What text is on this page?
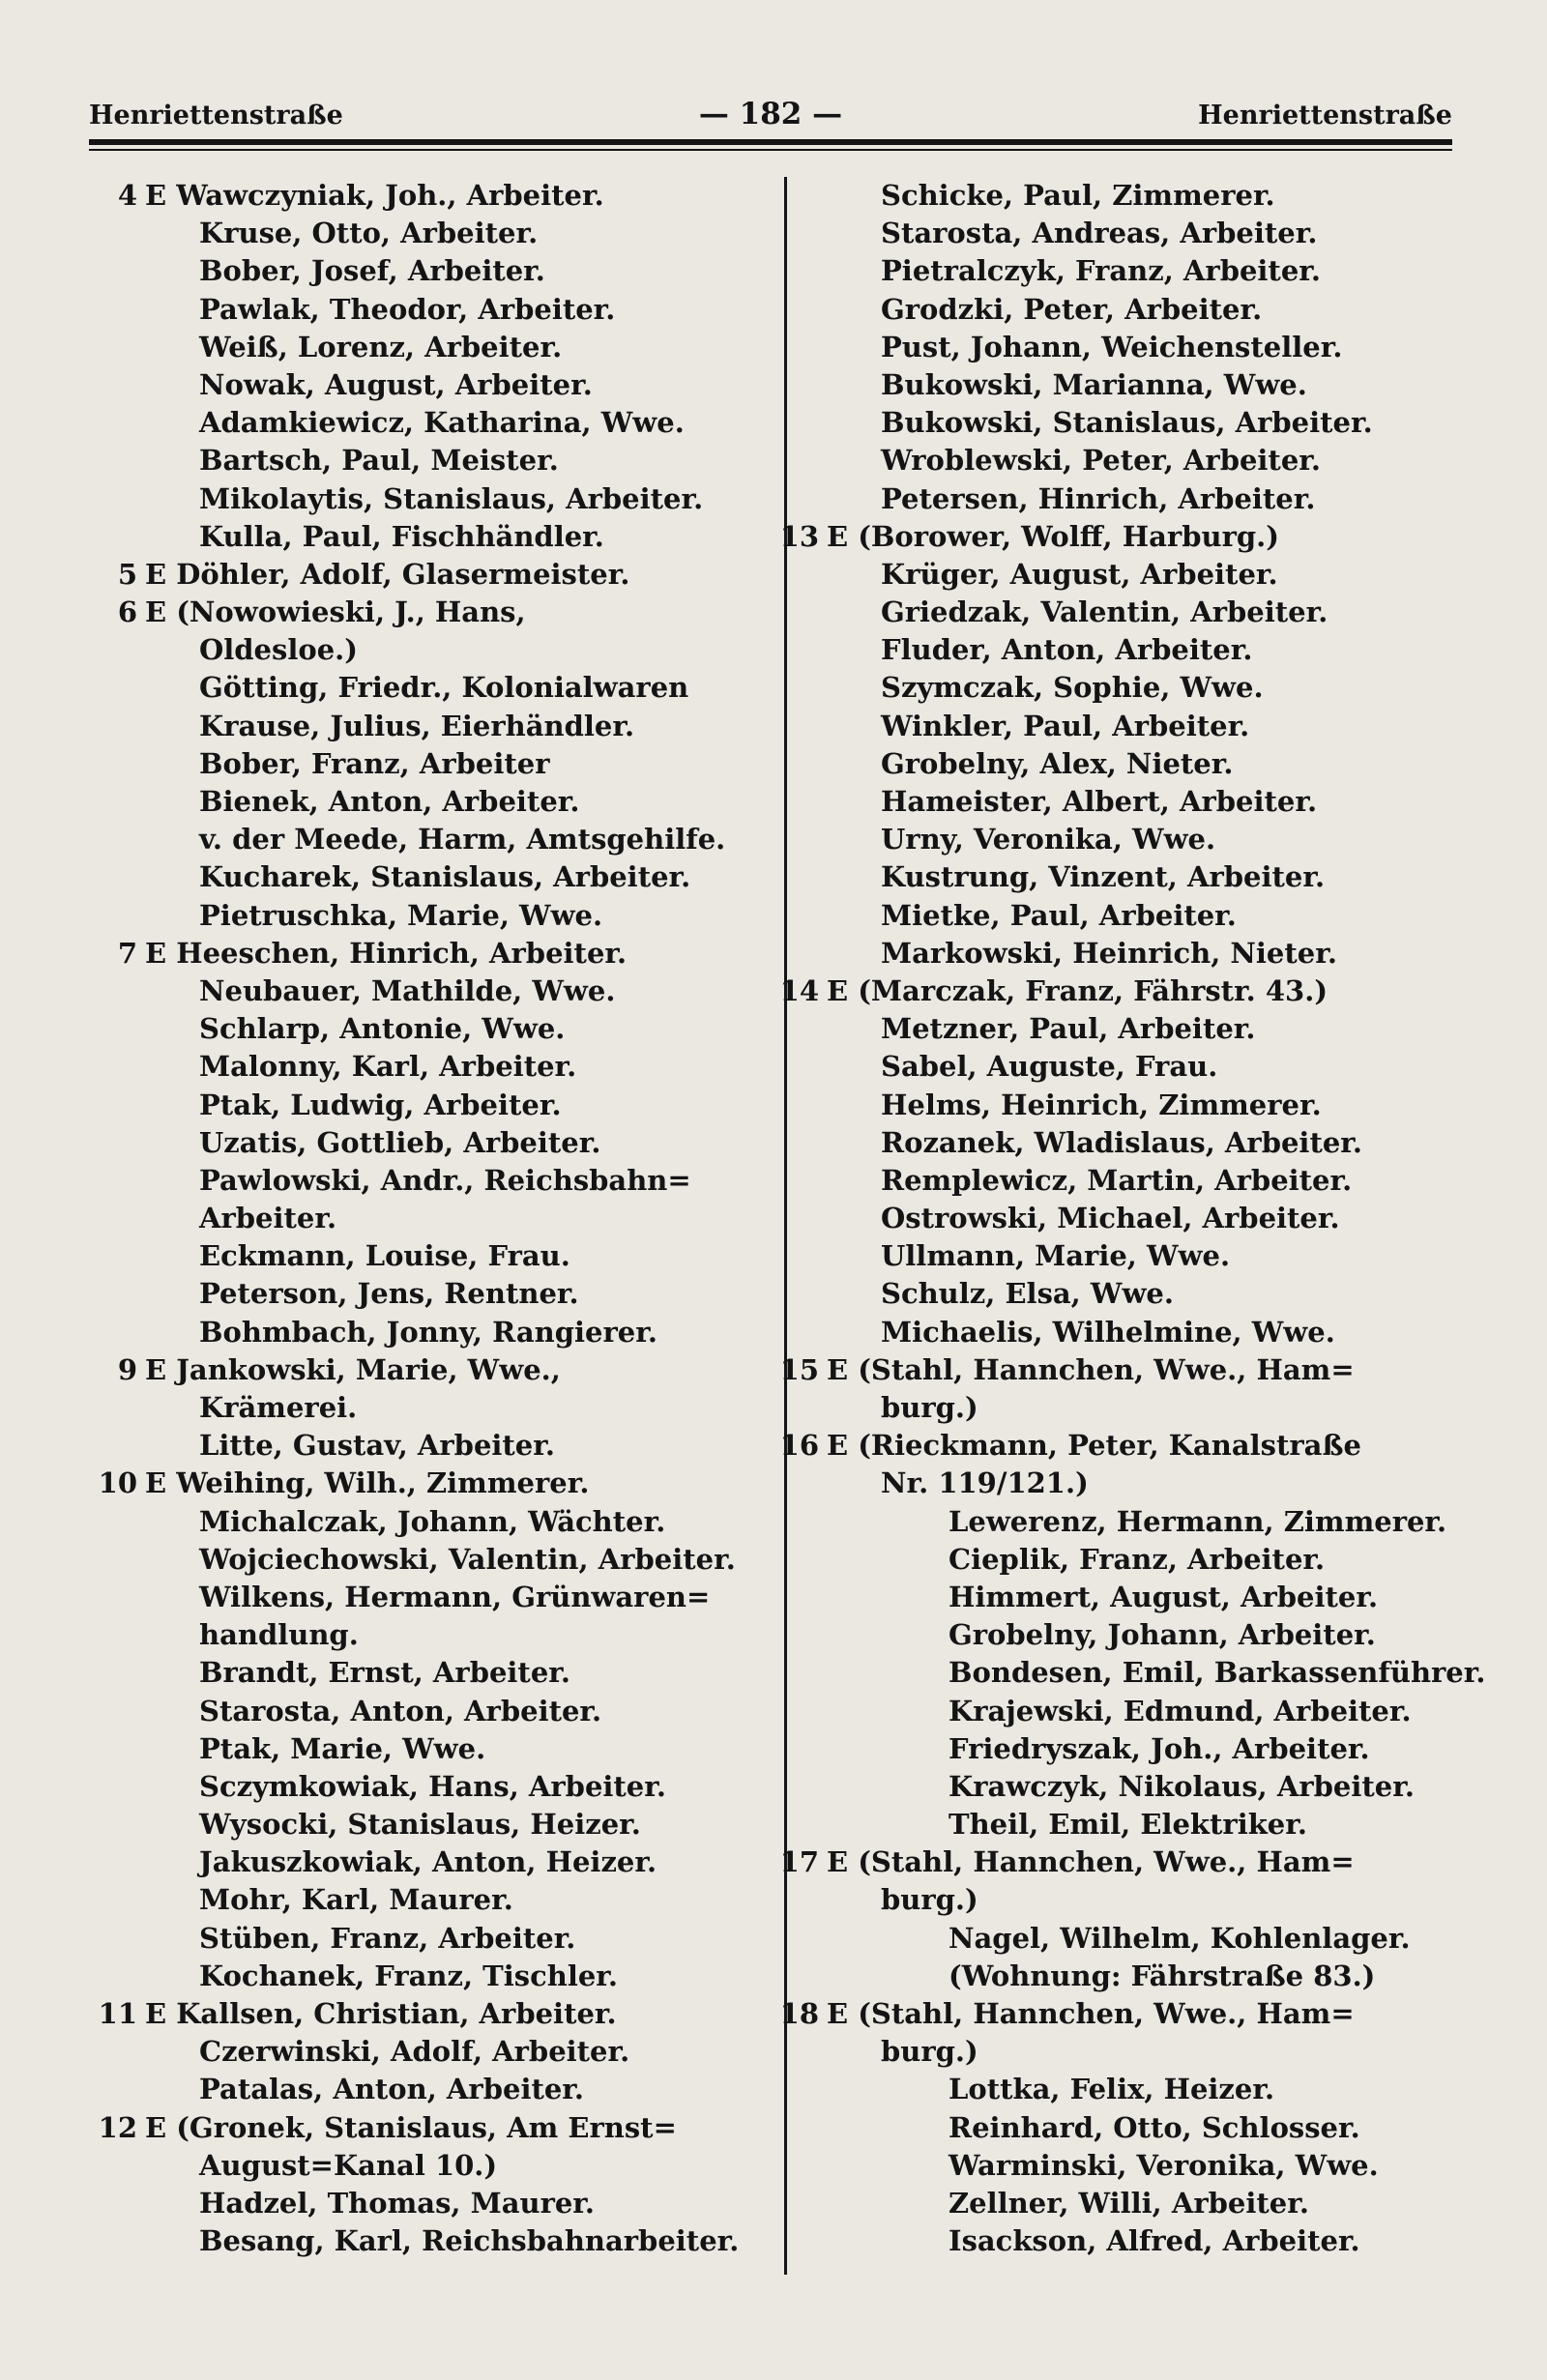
Henriettenstraße	— 182 —	Henriettenstraße
4 E Wawczyniak, Joh., Arbeiter.
Kruse, Otto, Arbeiter.
Bober, Josef, Arbeiter.
Pawlak, Theodor, Arbeiter.
Weiß, Lorenz, Arbeiter.
Nowak, August, Arbeiter.
Adamkiewicz, Katharina, Wwe.
Bartsch, Paul, Meister.
Mikolaytis, Stanislaus, Arbeiter.
Kulla, Paul, Fischhändler.
5 E Döhler, Adolf, Glasermeister.
6 E (Nowowieski, J., Hans,
Oldesloe.)
Götting, Friedr., Kolonialwaren
Krause, Julius, Eierhändler.
Bober, Franz, Arbeiter
Bienek, Anton, Arbeiter.
v. der Meede, Harm, Amtsgehilfe.
Kucharek, Stanislaus, Arbeiter.
Pietruschka, Marie, Wwe.
7 E Heeschen, Hinrich, Arbeiter.
Neubauer, Mathilde, Wwe.
Schlarp, Antonie, Wwe.
Malonny, Karl, Arbeiter.
Ptak, Ludwig, Arbeiter.
Uzatis, Gottlieb, Arbeiter.
Pawlowski, Andr., Reichsbahn=
Arbeiter.
Eckmann, Louise, Frau.
Peterson, Jens, Rentner.
Bohmbach, Jonny, Rangierer.
9 E Jankowski, Marie, Wwe.,
Krämerei.
Litte, Gustav, Arbeiter.
10 E Weihing, Wilh., Zimmerer.
Michalczak, Johann, Wächter.
Wojciechowski, Valentin, Arbeiter.
Wilkens, Hermann, Grünwaren=
handlung.
Brandt, Ernst, Arbeiter.
Starosta, Anton, Arbeiter.
Ptak, Marie, Wwe.
Sczymkowiak, Hans, Arbeiter.
Wysocki, Stanislaus, Heizer.
Jakuszkowiak, Anton, Heizer.
Mohr, Karl, Maurer.
Stüben, Franz, Arbeiter.
Kochanek, Franz, Tischler.
11 E Kallsen, Christian, Arbeiter.
Czerwinski, Adolf, Arbeiter.
Patalas, Anton, Arbeiter.
12 E (Gronek, Stanislaus, Am Ernst=
August=Kanal 10.)
Hadzel, Thomas, Maurer.
Besang, Karl, Reichsbahnarbeiter.
Schicke, Paul, Zimmerer.
Starosta, Andreas, Arbeiter.
Pietralczyk, Franz, Arbeiter.
Grodzki, Peter, Arbeiter.
Pust, Johann, Weichensteller.
Bukowski, Marianna, Wwe.
Bukowski, Stanislaus, Arbeiter.
Wroblewski, Peter, Arbeiter.
Petersen, Hinrich, Arbeiter.
13 E (Borower, Wolff, Harburg.)
Krüger, August, Arbeiter.
Griedzak, Valentin, Arbeiter.
Fluder, Anton, Arbeiter.
Szymczak, Sophie, Wwe.
Winkler, Paul, Arbeiter.
Grobelny, Alex, Nieter.
Hameister, Albert, Arbeiter.
Urny, Veronika, Wwe.
Kustrung, Vinzent, Arbeiter.
Mietke, Paul, Arbeiter.
Markowski, Heinrich, Nieter.
14 E (Marczak, Franz, Fährstr. 43.)
Metzner, Paul, Arbeiter.
Sabel, Auguste, Frau.
Helms, Heinrich, Zimmerer.
Rozanek, Wladislaus, Arbeiter.
Remplewicz, Martin, Arbeiter.
Ostrowski, Michael, Arbeiter.
Ullmann, Marie, Wwe.
Schulz, Elsa, Wwe.
Michaelis, Wilhelmine, Wwe.
15 E (Stahl, Hannchen, Wwe., Ham=
burg.)
16 E (Rieckmann, Peter, Kanalstraße
Nr. 119/121.)
Lewerenz, Hermann, Zimmerer.
Cieplik, Franz, Arbeiter.
Himmert, August, Arbeiter.
Grobelny, Johann, Arbeiter.
Bondesen, Emil, Barkassenführer.
Krajewski, Edmund, Arbeiter.
Friedryszak, Joh., Arbeiter.
Krawczyk, Nikolaus, Arbeiter.
Theil, Emil, Elektriker.
17 E (Stahl, Hannchen, Wwe., Ham=
burg.)
Nagel, Wilhelm, Kohlenlager.
(Wohnung: Fährstraße 83.)
18 E (Stahl, Hannchen, Wwe., Ham=
burg.)
Lottka, Felix, Heizer.
Reinhard, Otto, Schlosser.
Warminski, Veronika, Wwe.
Zellner, Willi, Arbeiter.
Isackson, Alfred, Arbeiter.
